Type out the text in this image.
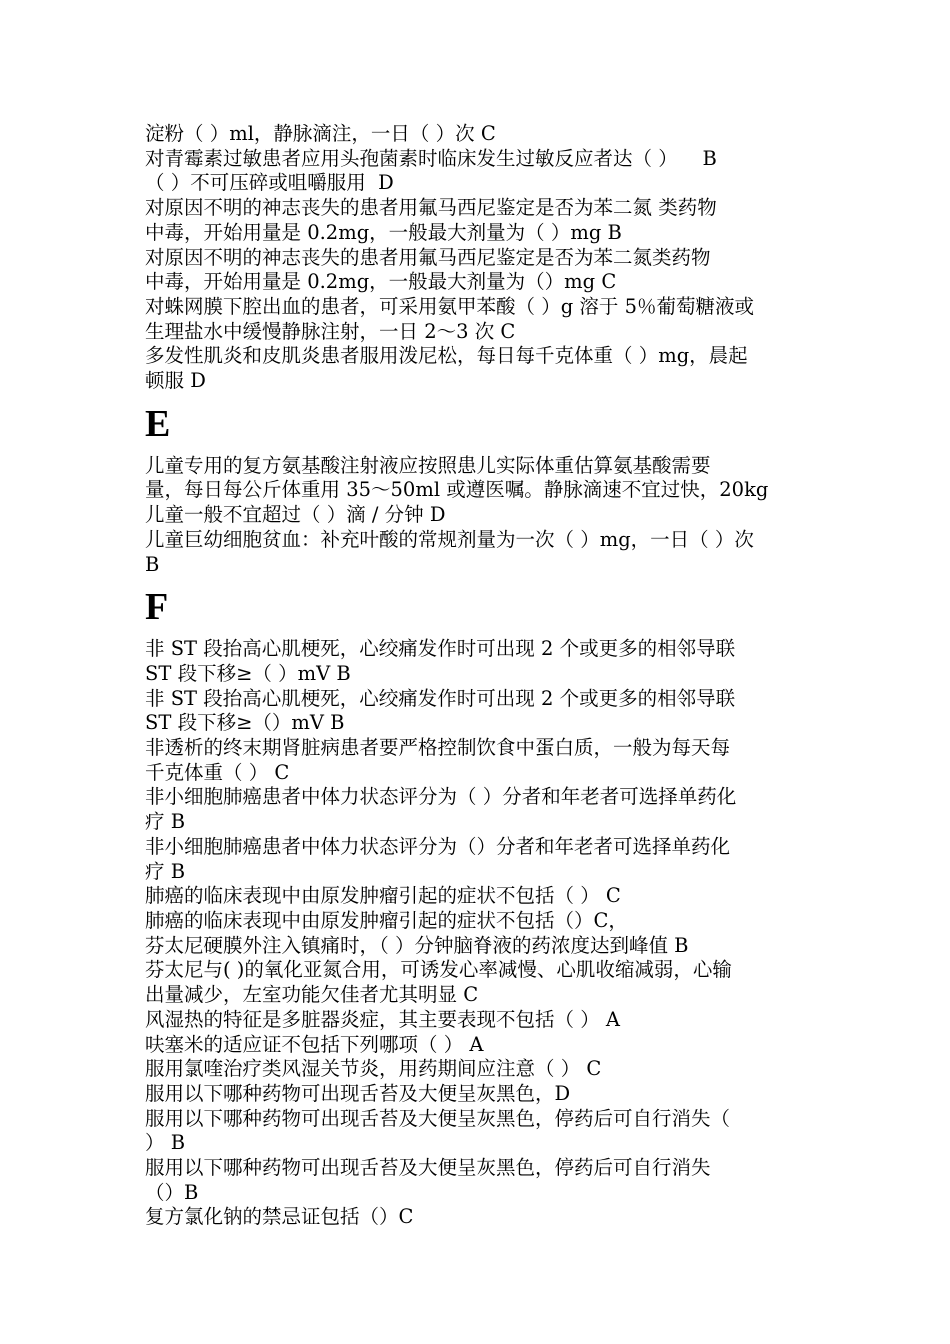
淀粉（ ）ml，静脉滴注，一日（ ）次 C
对青霉素过敏患者应用头孢菌素时临床发生过敏反应者达（ ）    B
（ ）不可压碎或咀嚼服用  D
对原因不明的神志丧失的患者用氟马西尼鉴定是否为苯二氮 类药物
中毒，开始用量是 0.2mg，一般最大剂量为（ ）mg B
对原因不明的神志丧失的患者用氟马西尼鉴定是否为苯二氮类药物
中毒，开始用量是 0.2mg，一般最大剂量为（）mg C
对蛛网膜下腔出血的患者，可采用氨甲苯酸（ ）g 溶于 5％葡萄糖液或
生理盐水中缓慢静脉注射，一日 2～3 次 C
多发性肌炎和皮肌炎患者服用泼尼松，每日每千克体重（ ）mg，晨起
顿服 D
E
儿童专用的复方氨基酸注射液应按照患儿实际体重估算氨基酸需要
量，每日每公斤体重用 35～50ml 或遵医嘱。静脉滴速不宜过快，20kg
儿童一般不宜超过（ ）滴 / 分钟 D
儿童巨幼细胞贫血：补充叶酸的常规剂量为一次（ ）mg，一日（ ）次
B
F
非 ST 段抬高心肌梗死，心绞痛发作时可出现 2 个或更多的相邻导联
ST 段下移≥（ ）mV B
非 ST 段抬高心肌梗死，心绞痛发作时可出现 2 个或更多的相邻导联
ST 段下移≥（）mV B
非透析的终末期肾脏病患者要严格控制饮食中蛋白质，一般为每天每
千克体重（ ） C
非小细胞肺癌患者中体力状态评分为（ ）分者和年老者可选择单药化
疗 B
非小细胞肺癌患者中体力状态评分为（）分者和年老者可选择单药化
疗 B
肺癌的临床表现中由原发肿瘤引起的症状不包括（ ） C
肺癌的临床表现中由原发肿瘤引起的症状不包括（）C，
芬太尼硬膜外注入镇痛时，（ ）分钟脑脊液的药浓度达到峰值 B
芬太尼与( )的氧化亚氮合用，可诱发心率减慢、心肌收缩减弱，心输
出量减少，左室功能欠佳者尤其明显 C
风湿热的特征是多脏器炎症，其主要表现不包括（ ） A
呋塞米的适应证不包括下列哪项（ ） A
服用氯喹治疗类风湿关节炎，用药期间应注意（ ） C
服用以下哪种药物可出现舌苔及大便呈灰黑色，D
服用以下哪种药物可出现舌苔及大便呈灰黑色，停药后可自行消失（
） B
服用以下哪种药物可出现舌苔及大便呈灰黑色，停药后可自行消失
（）B
复方氯化钠的禁忌证包括（）C
